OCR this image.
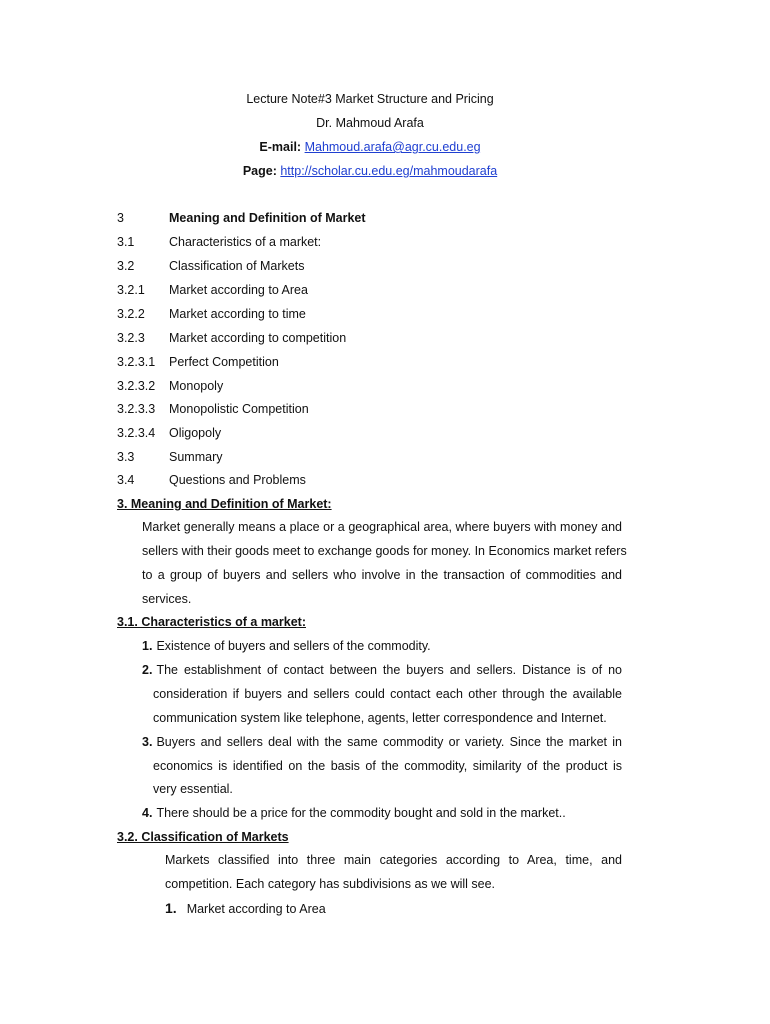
Lecture Note#3 Market Structure and Pricing
Dr. Mahmoud Arafa
E-mail: Mahmoud.arafa@agr.cu.edu.eg
Page: http://scholar.cu.edu.eg/mahmoudarafa
3	Meaning and Definition of Market
3.1	Characteristics of a market:
3.2	Classification of Markets
3.2.1 Market according to Area
3.2.2 Market according to time
3.2.3 Market according to competition
3.2.3.1 Perfect Competition
3.2.3.2 Monopoly
3.2.3.3 Monopolistic Competition
3.2.3.4 Oligopoly
3.3	Summary
3.4	Questions and Problems
3. Meaning and Definition of Market:
Market generally means a place or a geographical area, where buyers with money and
sellers with their goods meet to exchange goods for money. In Economics market refers
to a group of buyers and sellers who involve in the transaction of commodities and
services.
3.1. Characteristics of a market:
1. Existence of buyers and sellers of the commodity.
2. The establishment of contact between the buyers and sellers. Distance is of no
consideration if buyers and sellers could contact each other through the available
communication system like telephone, agents, letter correspondence and Internet.
3. Buyers and sellers deal with the same commodity or variety. Since the market in
economics is identified on the basis of the commodity, similarity of the product is
very essential.
4. There should be a price for the commodity bought and sold in the market..
3.2. Classification of Markets
Markets classified into three main categories according to Area, time, and
competition. Each category has subdivisions as we will see.
1. Market according to Area
